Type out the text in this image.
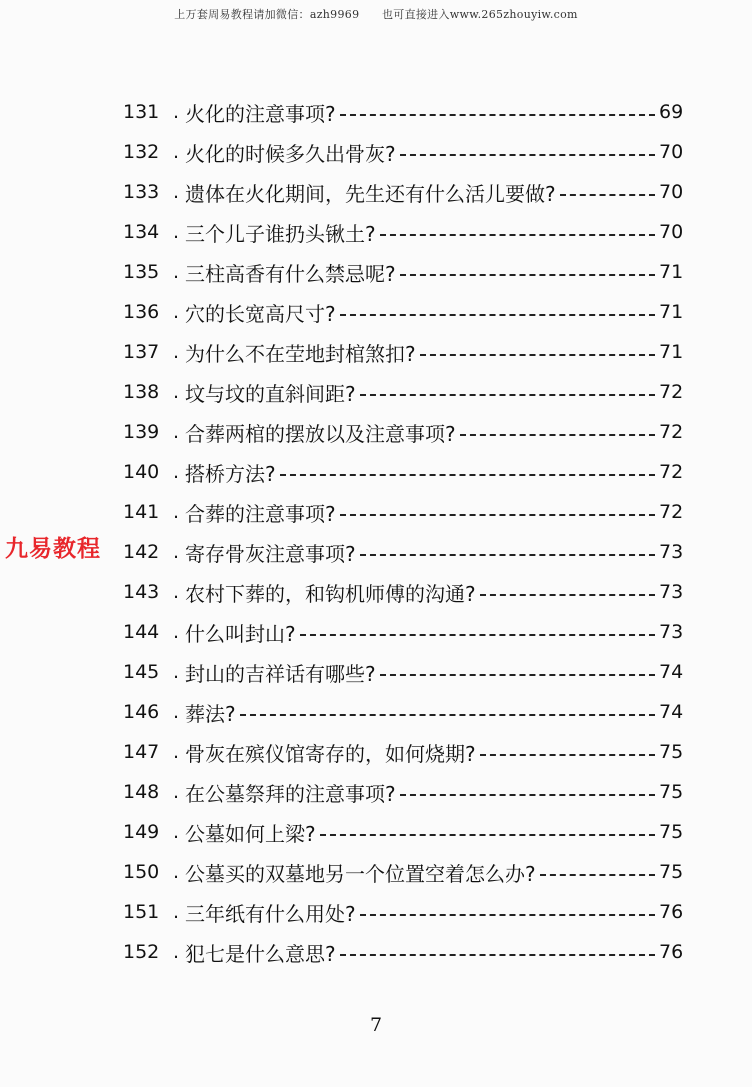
上万套周易教程请加微信：azh9969　　也可直接进入www.265zhouyiw.com
131 . 火化的注意事项?	69
132 . 火化的时候多久出骨灰?	70
133 . 遗体在火化期间，先生还有什么活儿要做?	70
134 . 三个儿子谁扔头锹土?	70
135 . 三柱高香有什么禁忌呢?	71
136 . 穴的长宽高尺寸?	71
137 . 为什么不在茔地封棺煞扣?	71
138 . 坟与坟的直斜间距?	72
139 . 合葬两棺的摆放以及注意事项?	72
140 . 搭桥方法?	72
141 . 合葬的注意事项?	72
142 . 寄存骨灰注意事项?	73
143 . 农村下葬的，和钩机师傅的沟通?	73
144 . 什么叫封山?	73
145 . 封山的吉祥话有哪些?	74
146 . 葬法?	74
147 . 骨灰在殡仪馆寄存的，如何烧期?	75
148 . 在公墓祭拜的注意事项?	75
149 . 公墓如何上梁?	75
150 . 公墓买的双墓地另一个位置空着怎么办?	75
151 . 三年纸有什么用处?	76
152 . 犯七是什么意思?	76
九易教程
7
